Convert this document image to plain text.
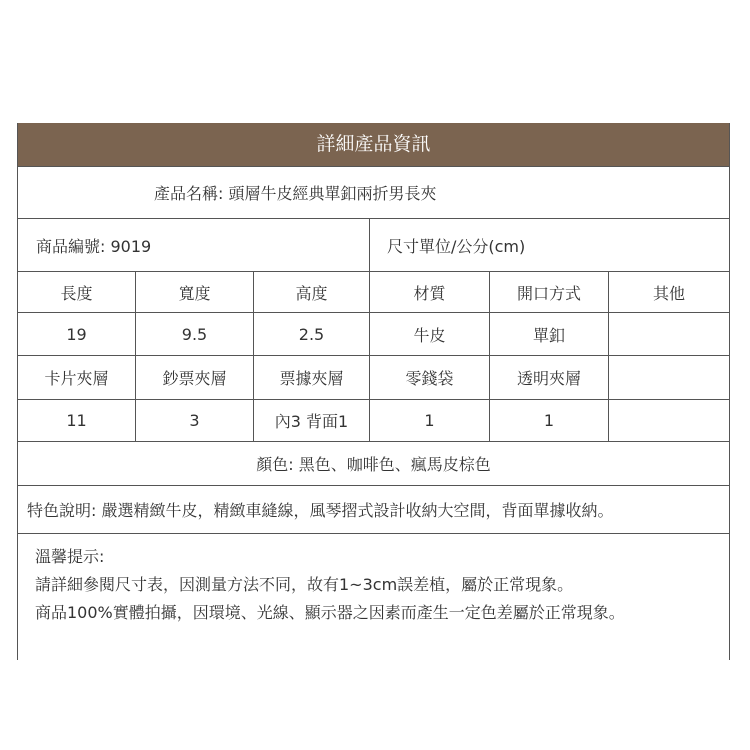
詳細產品資訊
產品名稱: 頭層牛皮經典單釦兩折男長夾
商品編號: 9019	尺寸單位/公分(cm)
長度	寬度	高度	材質	開口方式	其他
19	9.5	2.5	牛皮	單釦
卡片夾層	鈔票夾層	票據夾層	零錢袋	透明夾層
11	3	內3 背面1	1	1
顏色: 黑色、咖啡色、瘋馬皮棕色
特色說明: 嚴選精緻牛皮，精緻車縫線，風琴摺式設計收納大空間，背面單據收納。
溫馨提示:
請詳細參閱尺寸表，因測量方法不同，故有1~3cm誤差植，屬於正常現象。
商品100%實體拍攝，因環境、光線、顯示器之因素而產生一定色差屬於正常現象。
